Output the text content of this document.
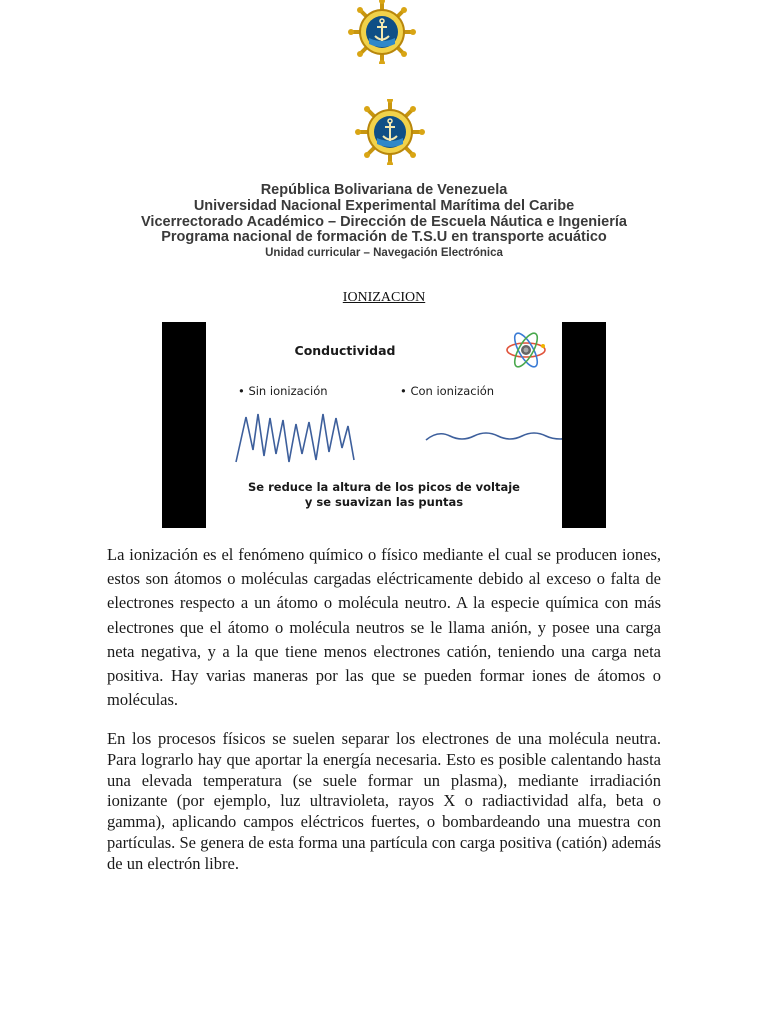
República Bolivariana de Venezuela

Universidad Nacional Experimental Marítima del Caribe

Vicerrectorado Académico – Dirección de Escuela Náutica e Ingeniería

Programa nacional de formación de T.S.U en transporte acuático

Unidad curricular – Navegación Electrónica

IONIZACION
Conductividad
• Sin ionización	• Con ionización
Se reduce la altura de los picos de voltaje
y se suavizan las puntas

La ionización es el fenómeno químico o físico mediante el cual se producen iones, estos son átomos o moléculas cargadas eléctricamente debido al exceso o falta de electrones respecto a un átomo o molécula neutro. A la especie química con más electrones que el átomo o molécula neutros se le llama anión, y posee una carga neta negativa, y a la que tiene menos electrones catión, teniendo una carga neta positiva. Hay varias maneras por las que se pueden formar iones de átomos o moléculas.

En los procesos físicos se suelen separar los electrones de una molécula neutra. Para lograrlo hay que aportar la energía necesaria. Esto es posible calentando hasta una elevada temperatura (se suele formar un plasma), mediante irradiación ionizante (por ejemplo, luz ultravioleta, rayos X o radiactividad alfa, beta o gamma), aplicando campos eléctricos fuertes, o bombardeando una muestra con partículas. Se genera de esta forma una partícula con carga positiva (catión) además de un electrón libre.
